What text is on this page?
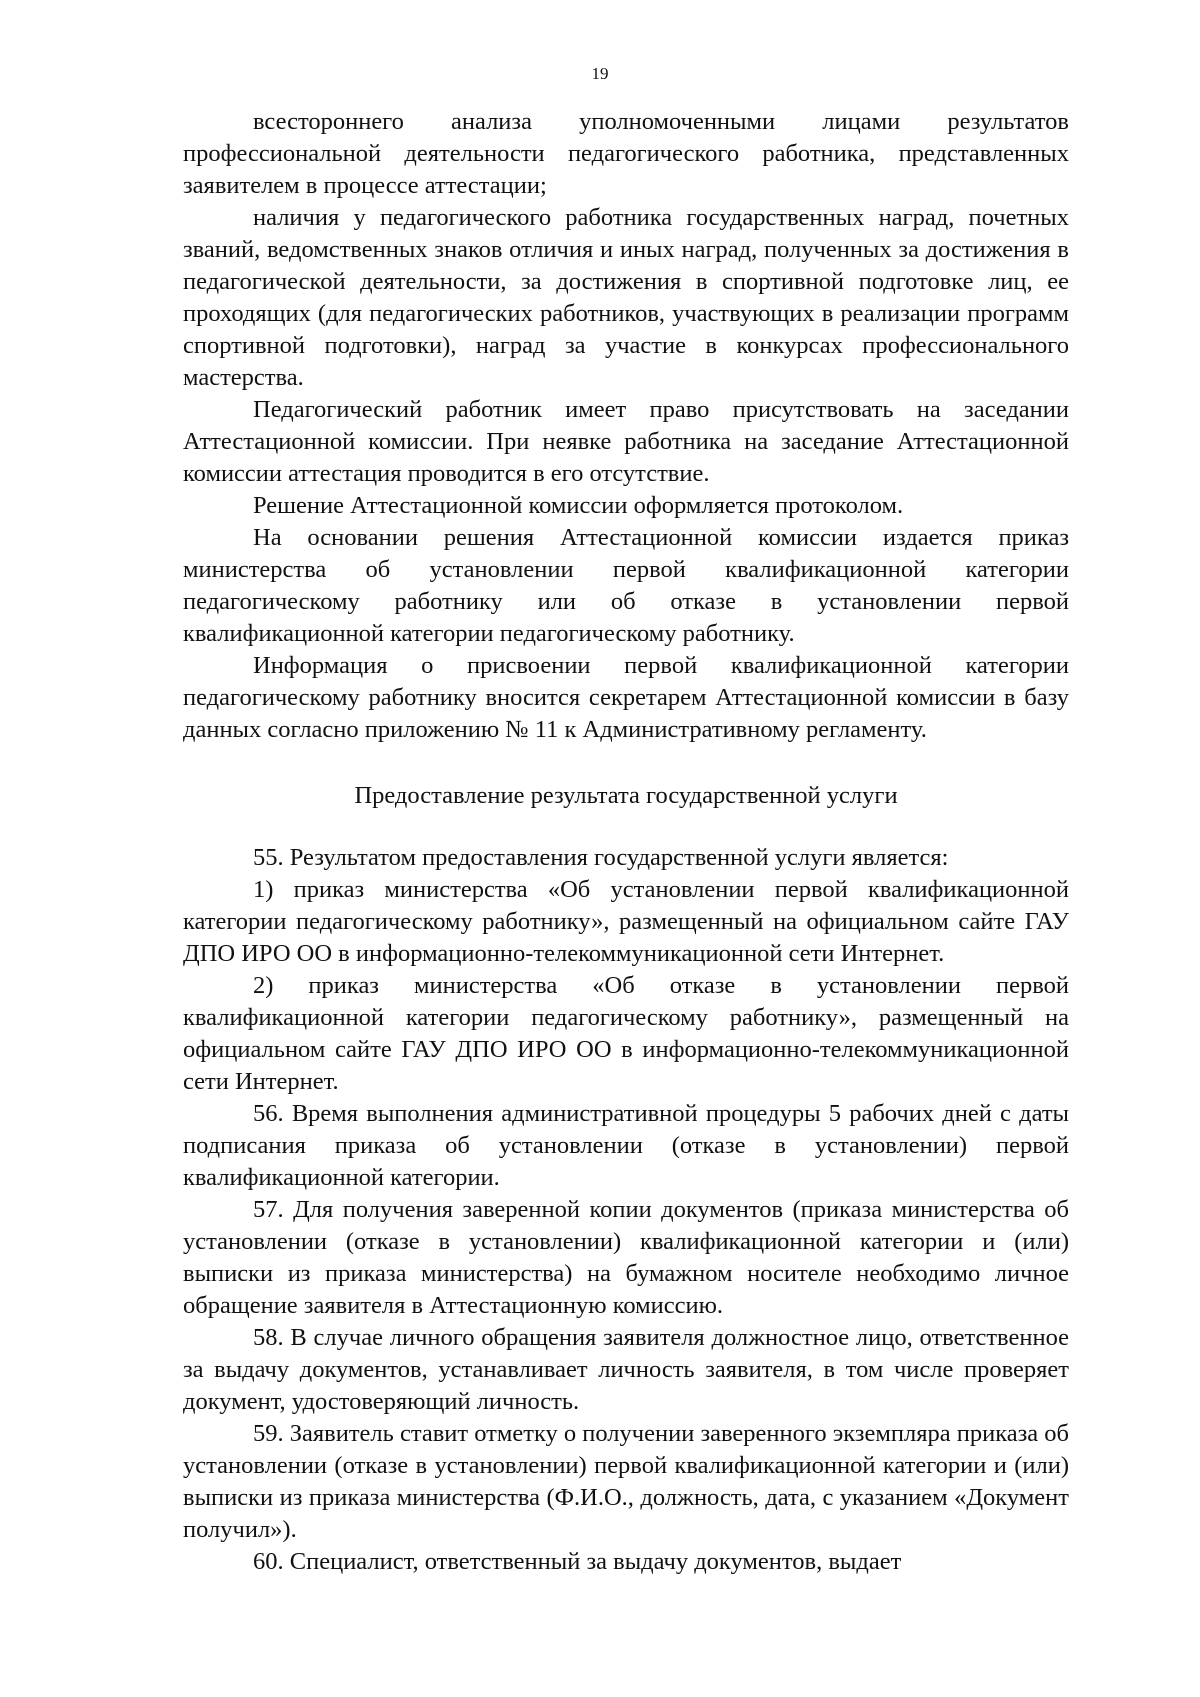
19

всестороннего анализа уполномоченными лицами результатов профессиональной деятельности педагогического работника, представленных заявителем в процессе аттестации;

наличия у педагогического работника государственных наград, почетных званий, ведомственных знаков отличия и иных наград, полученных за достижения в педагогической деятельности, за достижения в спортивной подготовке лиц, ее проходящих (для педагогических работников, участвующих в реализации программ спортивной подготовки), наград за участие в конкурсах профессионального мастерства.

Педагогический работник имеет право присутствовать на заседании Аттестационной комиссии. При неявке работника на заседание Аттестационной комиссии аттестация проводится в его отсутствие.

Решение Аттестационной комиссии оформляется протоколом.

На основании решения Аттестационной комиссии издается приказ министерства об установлении первой квалификационной категории педагогическому работнику или об отказе в установлении первой квалификационной категории педагогическому работнику.

Информация о присвоении первой квалификационной категории педагогическому работнику вносится секретарем Аттестационной комиссии в базу данных согласно приложению № 11 к Административному регламенту.

Предоставление результата государственной услуги

55. Результатом предоставления государственной услуги является:

1) приказ министерства «Об установлении первой квалификационной категории педагогическому работнику», размещенный на официальном сайте ГАУ ДПО ИРО ОО в информационно-телекоммуникационной сети Интернет.

2) приказ министерства «Об отказе в установлении первой квалификационной категории педагогическому работнику», размещенный на официальном сайте ГАУ ДПО ИРО ОО в информационно-телекоммуникационной сети Интернет.

56. Время выполнения административной процедуры 5 рабочих дней с даты подписания приказа об установлении (отказе в установлении) первой квалификационной категории.

57. Для получения заверенной копии документов (приказа министерства об установлении (отказе в установлении) квалификационной категории и (или) выписки из приказа министерства) на бумажном носителе необходимо личное обращение заявителя в Аттестационную комиссию.

58. В случае личного обращения заявителя должностное лицо, ответственное за выдачу документов, устанавливает личность заявителя, в том числе проверяет документ, удостоверяющий личность.

59. Заявитель ставит отметку о получении заверенного экземпляра приказа об установлении (отказе в установлении) первой квалификационной категории и (или) выписки из приказа министерства (Ф.И.О., должность, дата, с указанием «Документ получил»).

60. Специалист, ответственный за выдачу документов, выдает
